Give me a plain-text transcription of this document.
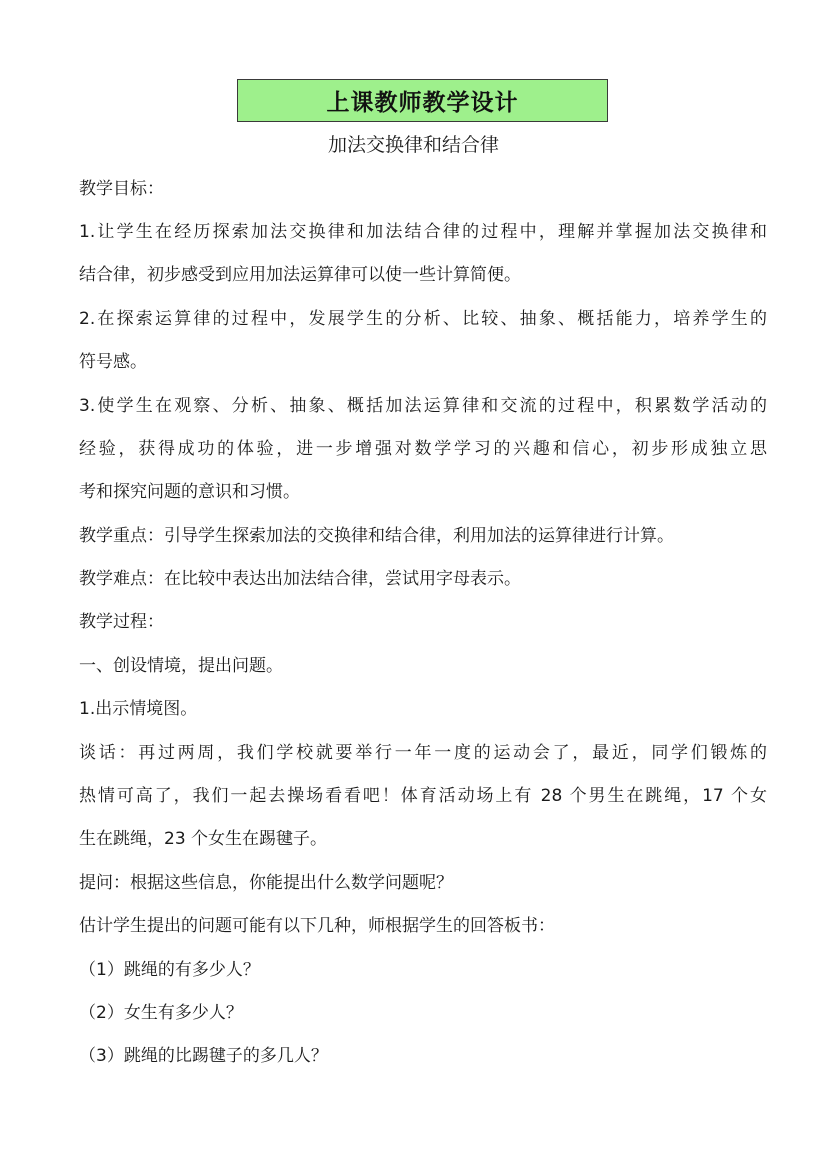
上课教师教学设计
加法交换律和结合律
教学目标：
1.让学生在经历探索加法交换律和加法结合律的过程中，理解并掌握加法交换律和
结合律，初步感受到应用加法运算律可以使一些计算简便。
2.在探索运算律的过程中，发展学生的分析、比较、抽象、概括能力，培养学生的
符号感。
3.使学生在观察、分析、抽象、概括加法运算律和交流的过程中，积累数学活动的
经验，获得成功的体验，进一步增强对数学学习的兴趣和信心，初步形成独立思
考和探究问题的意识和习惯。
教学重点：引导学生探索加法的交换律和结合律，利用加法的运算律进行计算。
教学难点：在比较中表达出加法结合律，尝试用字母表示。
教学过程：
一、创设情境，提出问题。
1.出示情境图。
谈话：再过两周，我们学校就要举行一年一度的运动会了，最近，同学们锻炼的
热情可高了，我们一起去操场看看吧！体育活动场上有 28 个男生在跳绳，17 个女
生在跳绳，23 个女生在踢毽子。
提问：根据这些信息，你能提出什么数学问题呢？
估计学生提出的问题可能有以下几种，师根据学生的回答板书：
（1）跳绳的有多少人？
（2）女生有多少人？
（3）跳绳的比踢毽子的多几人？
